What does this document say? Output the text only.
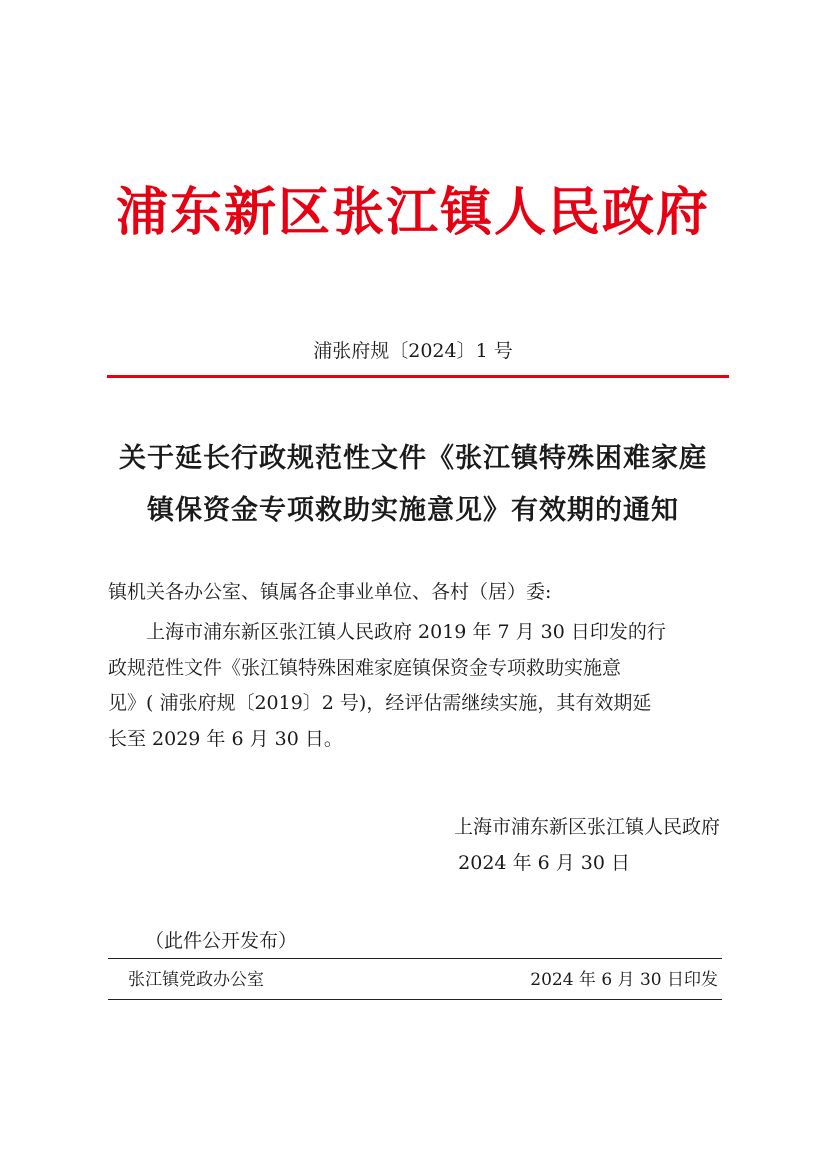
浦东新区张江镇人民政府
浦张府规〔2024〕1 号
关于延长行政规范性文件《张江镇特殊困难家庭
镇保资金专项救助实施意见》有效期的通知
镇机关各办公室、镇属各企事业单位、各村（居）委:
上海市浦东新区张江镇人民政府 2019 年 7 月 30 日印发的行
政规范性文件《张江镇特殊困难家庭镇保资金专项救助实施意
见》( 浦张府规〔2019〕2 号)，经评估需继续实施，其有效期延
长至 2029 年 6 月 30 日。
上海市浦东新区张江镇人民政府
2024 年 6 月 30 日
（此件公开发布）
张江镇党政办公室	2024 年 6 月 30 日印发
